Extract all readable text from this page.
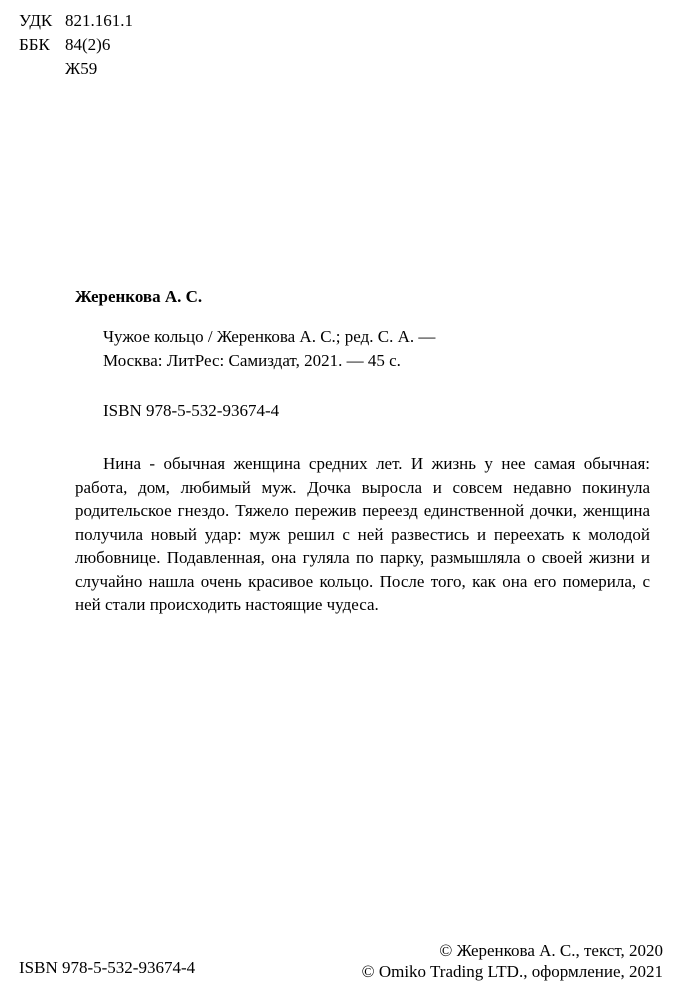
УДК 821.161.1
ББК 84(2)6
Ж59
Жеренкова А. С.
Чужое кольцо / Жеренкова А. С.; ред. С. А. —
Москва: ЛитРес: Самиздат, 2021. — 45 с.
ISBN 978-5-532-93674-4
Нина - обычная женщина средних лет. И жизнь у нее самая обычная: работа, дом, любимый муж. Дочка выросла и совсем недавно покинула родительское гнездо. Тяжело пережив переезд единственной дочки, женщина получила новый удар: муж решил с ней развестись и переехать к молодой любовнице. Подавленная, она гуляла по парку, размышляла о своей жизни и случайно нашла очень красивое кольцо. После того, как она его померила, с ней стали происходить настоящие чудеса.
© Жеренкова А. С., текст, 2020
ISBN 978-5-532-93674-4	© Omiko Trading LTD., оформление, 2021
